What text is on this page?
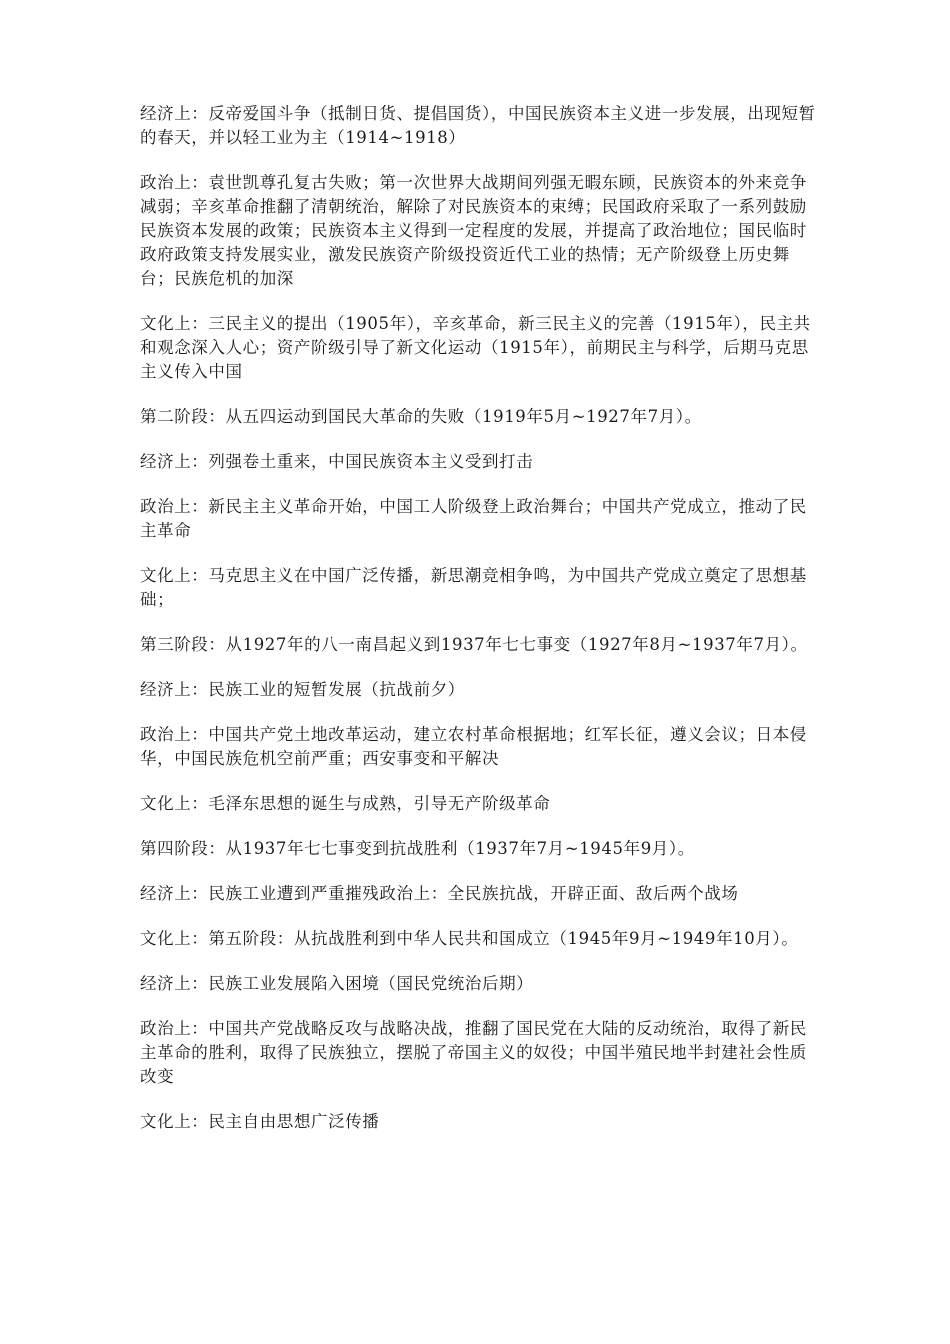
经济上：反帝爱国斗争（抵制日货、提倡国货），中国民族资本主义进一步发展，出现短暂的春天，并以轻工业为主（1914~1918）

政治上：袁世凯尊孔复古失败；第一次世界大战期间列强无暇东顾，民族资本的外来竞争减弱；辛亥革命推翻了清朝统治，解除了对民族资本的束缚；民国政府采取了一系列鼓励民族资本发展的政策；民族资本主义得到一定程度的发展，并提高了政治地位；国民临时政府政策支持发展实业，激发民族资产阶级投资近代工业的热情；无产阶级登上历史舞台；民族危机的加深

文化上：三民主义的提出（1905年），辛亥革命，新三民主义的完善（1915年），民主共和观念深入人心；资产阶级引导了新文化运动（1915年），前期民主与科学，后期马克思主义传入中国

第二阶段：从五四运动到国民大革命的失败（1919年5月~1927年7月）。

经济上：列强卷土重来，中国民族资本主义受到打击

政治上：新民主主义革命开始，中国工人阶级登上政治舞台；中国共产党成立，推动了民主革命

文化上：马克思主义在中国广泛传播，新思潮竞相争鸣，为中国共产党成立奠定了思想基础；

第三阶段：从1927年的八一南昌起义到1937年七七事变（1927年8月~1937年7月）。

经济上：民族工业的短暂发展（抗战前夕）

政治上：中国共产党土地改革运动，建立农村革命根据地；红军长征，遵义会议；日本侵华，中国民族危机空前严重；西安事变和平解决

文化上：毛泽东思想的诞生与成熟，引导无产阶级革命

第四阶段：从1937年七七事变到抗战胜利（1937年7月~1945年9月）。

经济上：民族工业遭到严重摧残政治上：全民族抗战，开辟正面、敌后两个战场

文化上：第五阶段：从抗战胜利到中华人民共和国成立（1945年9月~1949年10月）。

经济上：民族工业发展陷入困境（国民党统治后期）

政治上：中国共产党战略反攻与战略决战，推翻了国民党在大陆的反动统治，取得了新民主革命的胜利，取得了民族独立，摆脱了帝国主义的奴役；中国半殖民地半封建社会性质改变

文化上：民主自由思想广泛传播
